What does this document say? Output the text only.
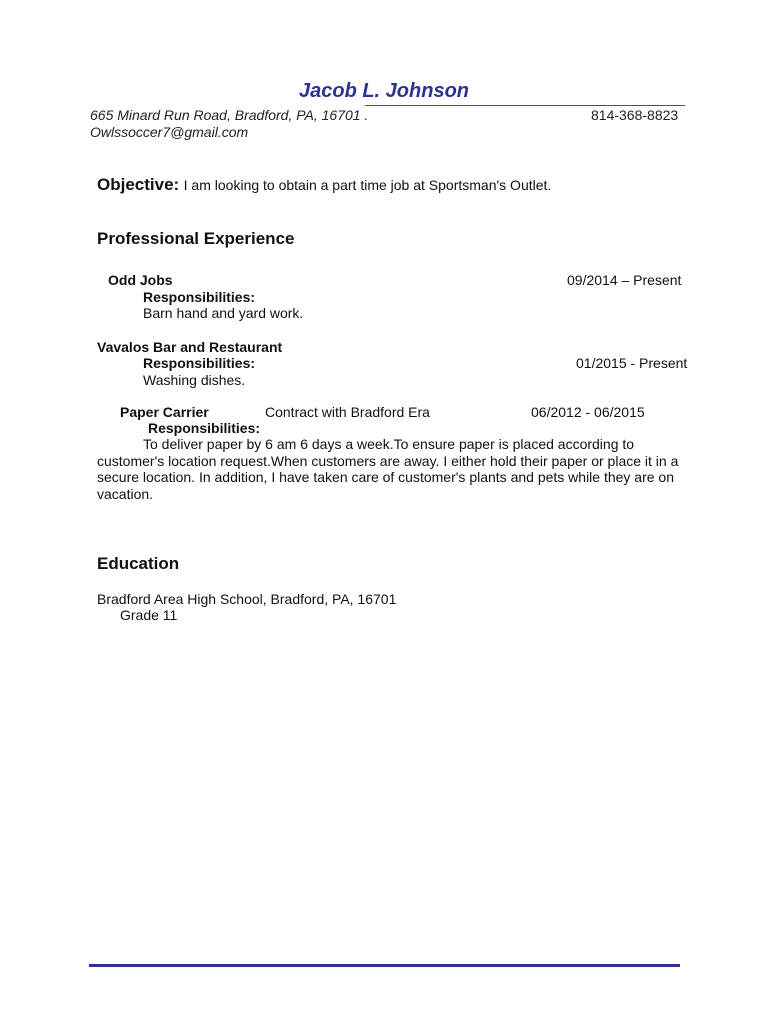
Jacob L. Johnson
665 Minard Run Road, Bradford, PA, 16701 .	814-368-8823
Owlssoccer7@gmail.com
Objective: I am looking to obtain a part time job at Sportsman's Outlet.
Professional Experience
Odd Jobs	09/2014 – Present
Responsibilities:
Barn hand and yard work.
Vavalos Bar and Restaurant
Responsibilities:	01/2015 - Present
Washing dishes.
Paper Carrier	Contract with Bradford Era	06/2012 - 06/2015
Responsibilities:
To deliver paper by 6 am 6 days a week.To ensure paper is placed according to customer's location request.When customers are away. I either hold their paper or place it in a secure location. In addition, I have taken care of customer's plants and pets while they are on vacation.
Education
Bradford Area High School, Bradford, PA, 16701
Grade 11
